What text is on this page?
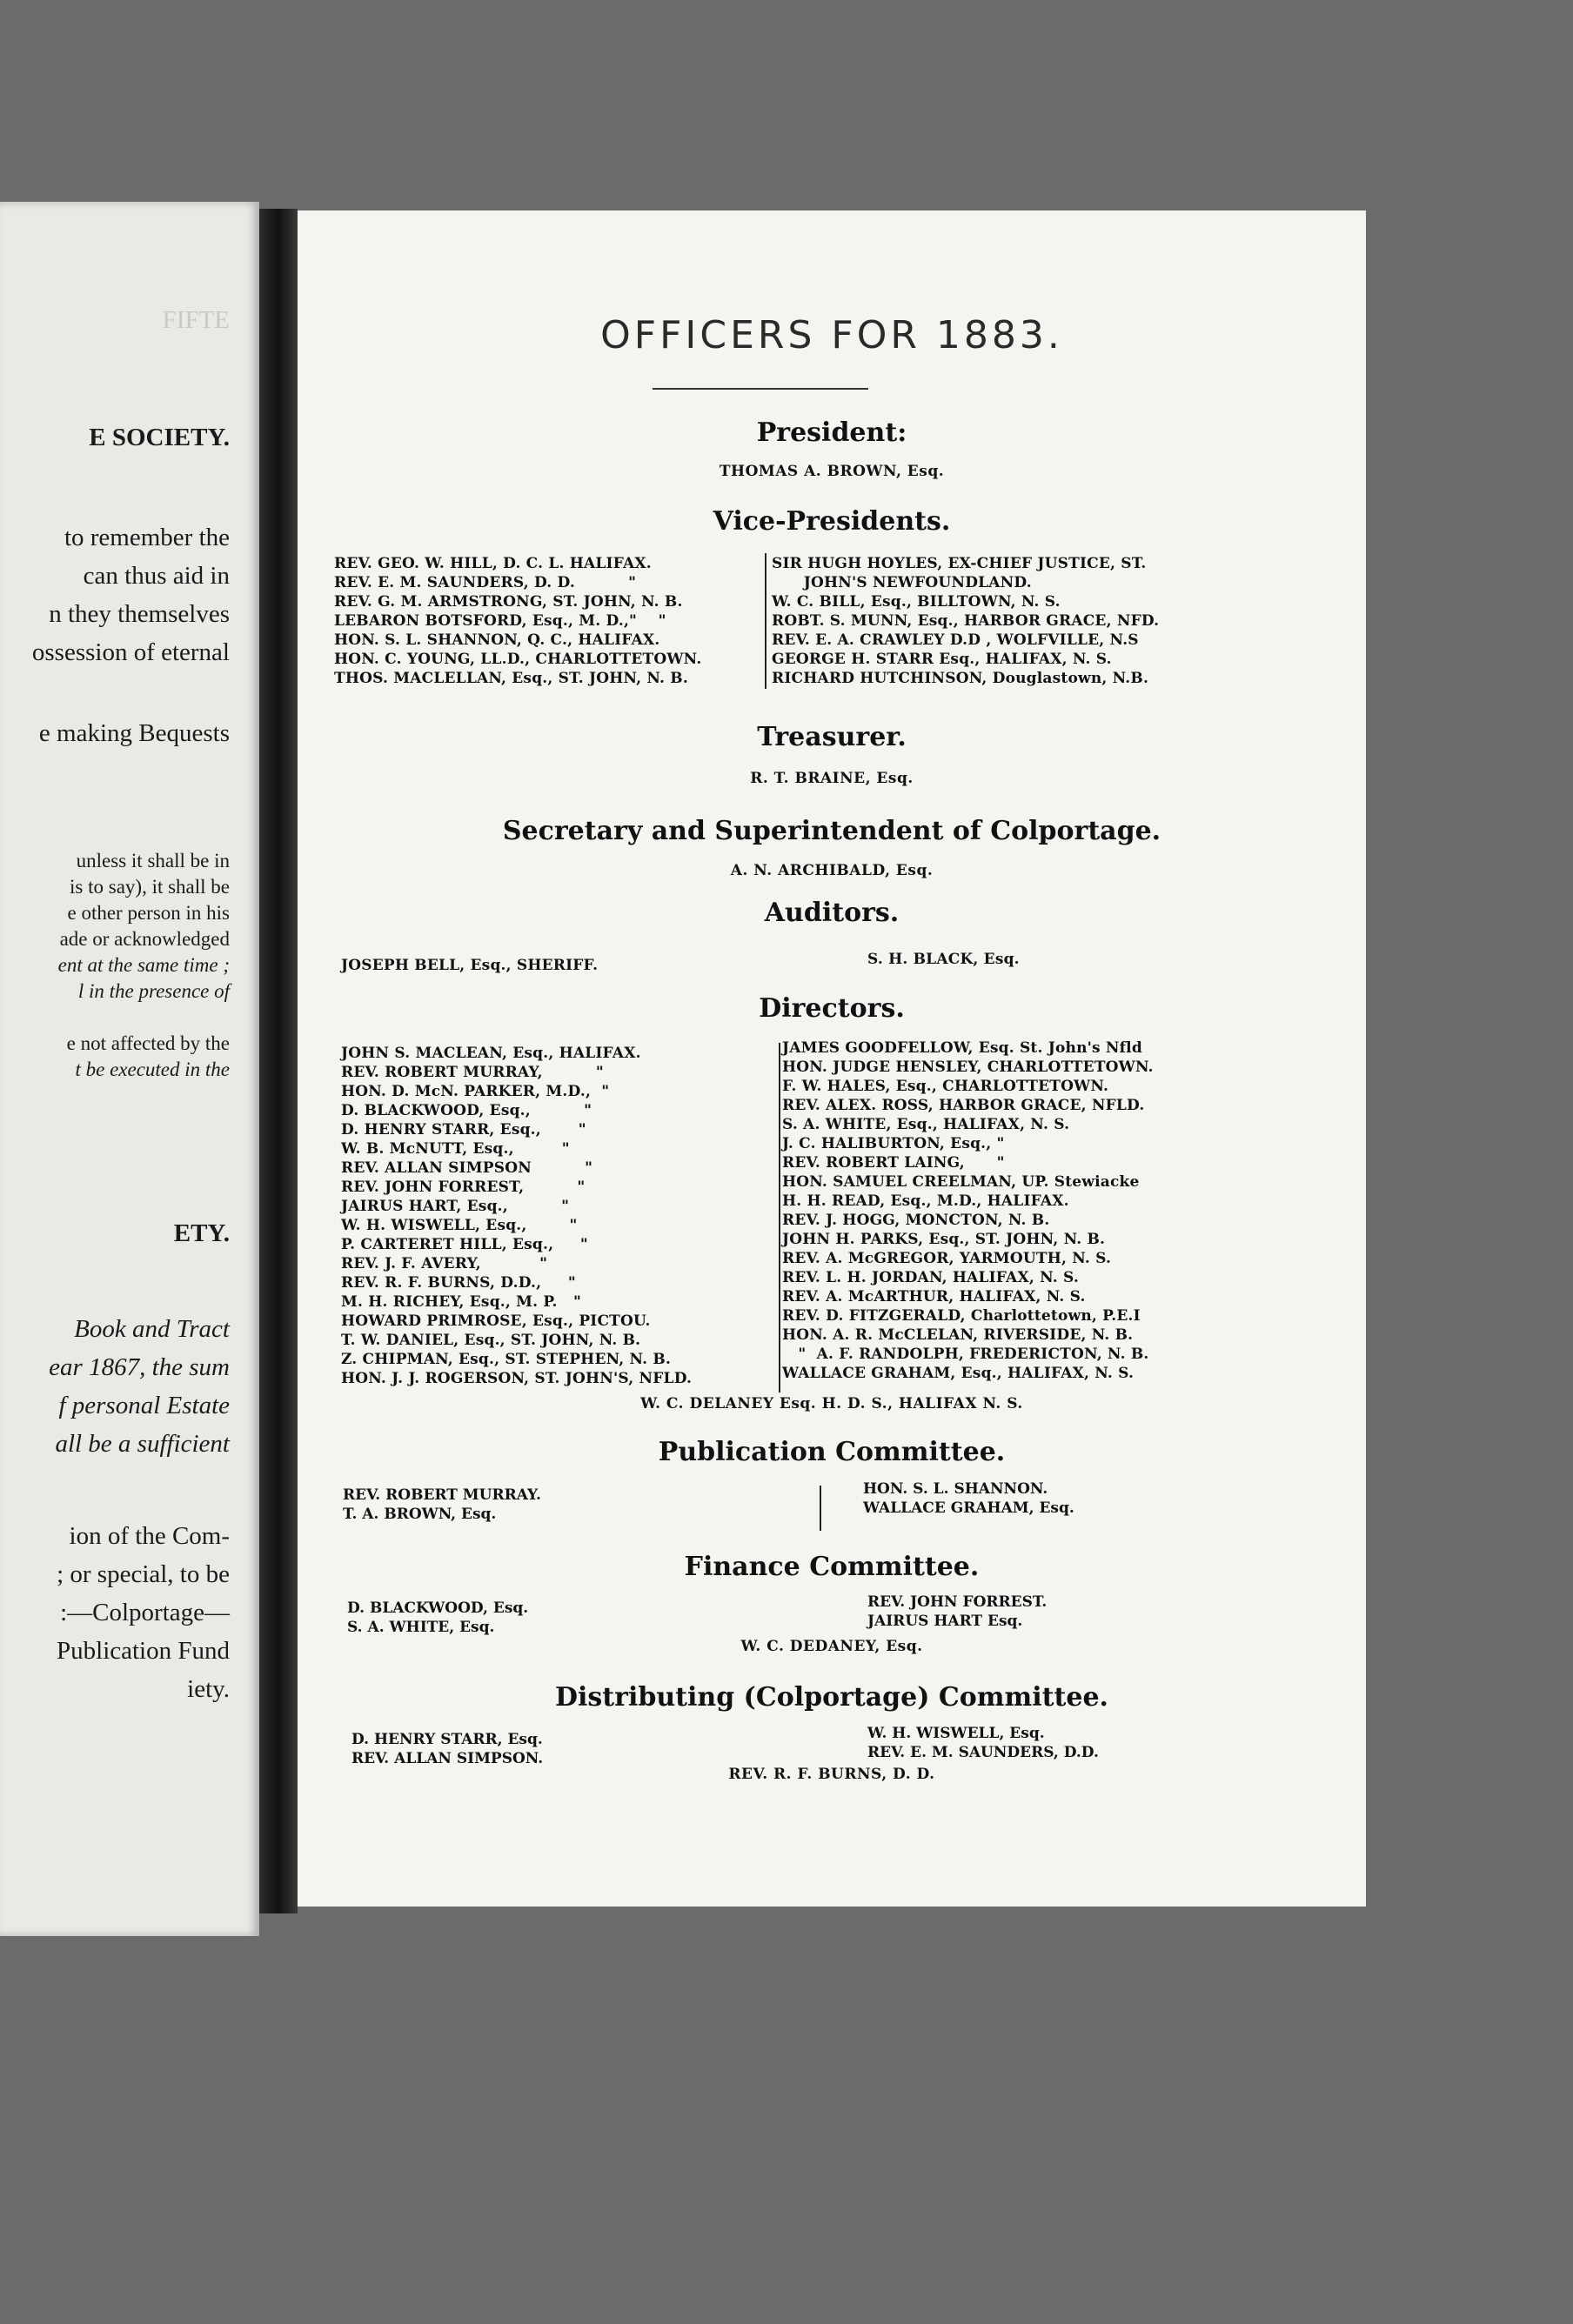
FIFTE
E SOCIETY.
to remember the
can thus aid in
n they themselves
ossession of eternal
e making Bequests
unless it shall be in
is to say), it shall be
e other person in his
ade or acknowledged
ent at the same time ;
l in the presence of
e not affected by the
t be executed in the
ETY.
Book and Tract
ear 1867, the sum
f personal Estate
all be a sufficient
ion of the Com-
; or special, to be
:—Colportage—
Publication Fund
iety.
OFFICERS FOR 1883.
President:
THOMAS A. BROWN, Esq.
Vice-Presidents.
REV. GEO. W. HILL, D. C. L. HALIFAX.
REV. E. M. SAUNDERS, D. D.          "
REV. G. M. ARMSTRONG, ST. JOHN, N. B.
LEBARON BOTSFORD, Esq., M. D.,"    "
HON. S. L. SHANNON, Q. C., HALIFAX.
HON. C. YOUNG, LL.D., CHARLOTTETOWN.
THOS. MACLELLAN, Esq., ST. JOHN, N. B.
SIR HUGH HOYLES, EX-CHIEF JUSTICE, ST.
JOHN'S NEWFOUNDLAND.
W. C. BILL, Esq., BILLTOWN, N. S.
ROBT. S. MUNN, Esq., HARBOR GRACE, NFD.
REV. E. A. CRAWLEY D.D , WOLFVILLE, N.S
GEORGE H. STARR Esq., HALIFAX, N. S.
RICHARD HUTCHINSON, Douglastown, N.B.
Treasurer.
R. T. BRAINE, Esq.
Secretary and Superintendent of Colportage.
A. N. ARCHIBALD, Esq.
Auditors.
JOSEPH BELL, Esq., SHERIFF.	S. H. BLACK, Esq.
Directors.
JOHN S. MACLEAN, Esq., HALIFAX.
REV. ROBERT MURRAY,          "
HON. D. McN. PARKER, M.D.,  "
D. BLACKWOOD, Esq.,          "
D. HENRY STARR, Esq.,       "
W. B. McNUTT, Esq.,         "
REV. ALLAN SIMPSON          "
REV. JOHN FORREST,          "
JAIRUS HART, Esq.,          "
W. H. WISWELL, Esq.,        "
P. CARTERET HILL, Esq.,     "
REV. J. F. AVERY,           "
REV. R. F. BURNS, D.D.,     "
M. H. RICHEY, Esq., M. P.   "
HOWARD PRIMROSE, Esq., PICTOU.
T. W. DANIEL, Esq., ST. JOHN, N. B.
Z. CHIPMAN, Esq., ST. STEPHEN, N. B.
HON. J. J. ROGERSON, ST. JOHN'S, NFLD.
JAMES GOODFELLOW, Esq. St. John's Nfld
HON. JUDGE HENSLEY, CHARLOTTETOWN.
F. W. HALES, Esq., CHARLOTTETOWN.
REV. ALEX. ROSS, HARBOR GRACE, NFLD.
S. A. WHITE, Esq., HALIFAX, N. S.
J. C. HALIBURTON, Esq., "
REV. ROBERT LAING,      "
HON. SAMUEL CREELMAN, UP. Stewiacke
H. H. READ, Esq., M.D., HALIFAX.
REV. J. HOGG, MONCTON, N. B.
JOHN H. PARKS, Esq., ST. JOHN, N. B.
REV. A. McGREGOR, YARMOUTH, N. S.
REV. L. H. JORDAN, HALIFAX, N. S.
REV. A. McARTHUR, HALIFAX, N. S.
REV. D. FITZGERALD, Charlottetown, P.E.I
HON. A. R. McCLELAN, RIVERSIDE, N. B.
"  A. F. RANDOLPH, FREDERICTON, N. B.
WALLACE GRAHAM, Esq., HALIFAX, N. S.
W. C. DELANEY Esq. H. D. S., HALIFAX N. S.
Publication Committee.
REV. ROBERT MURRAY.
T. A. BROWN, Esq.
HON. S. L. SHANNON.
WALLACE GRAHAM, Esq.
Finance Committee.
D. BLACKWOOD, Esq.
S. A. WHITE, Esq.
REV. JOHN FORREST.
JAIRUS HART Esq.
W. C. DEDANEY, Esq.
Distributing (Colportage) Committee.
D. HENRY STARR, Esq.
REV. ALLAN SIMPSON.
W. H. WISWELL, Esq.
REV. E. M. SAUNDERS, D.D.
REV. R. F. BURNS, D. D.
